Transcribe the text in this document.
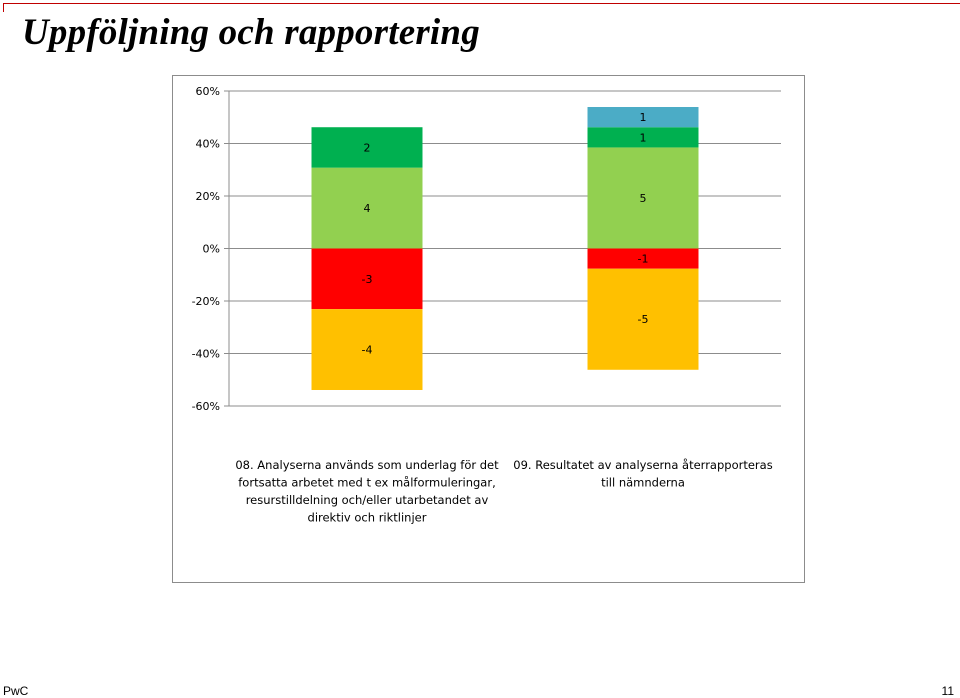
Uppföljning och rapportering
60%
40%
20%
0%
-20%
-40%
-60%
-3
-4
4
2
08. Analyserna används som underlag för det fortsatta arbetet med t ex målformuleringar, resurstilldelning och/eller utarbetandet av direktiv och riktlinjer
-1
-5
5
1
1
09. Resultatet av analyserna återrapporteras till nämnderna
PwC	11
